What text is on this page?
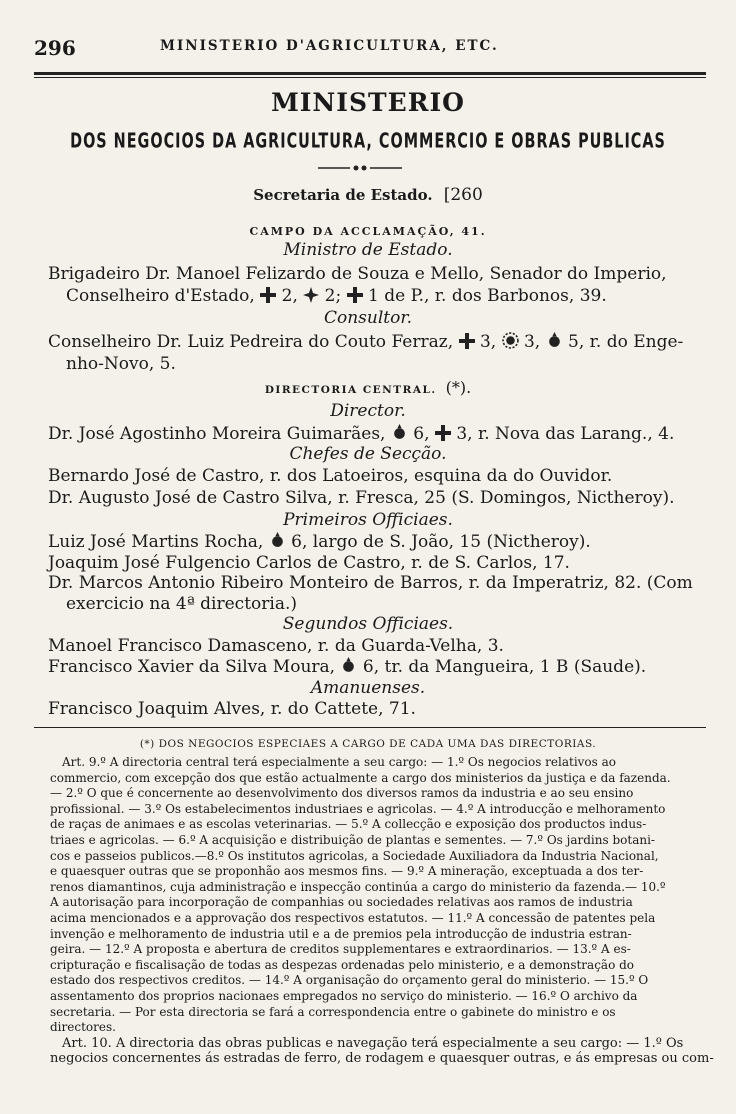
296	MINISTERIO D'AGRICULTURA, ETC.
MINISTERIO
DOS NEGOCIOS DA AGRICULTURA, COMMERCIO E OBRAS PUBLICAS
Secretaria de Estado. [260
CAMPO DA ACCLAMAÇÃO, 41.
Ministro de Estado.
Brigadeiro Dr. Manoel Felizardo de Souza e Mello, Senador do Imperio,
Conselheiro d'Estado, 2, 2; 1 de P., r. dos Barbonos, 39.
Consultor.
Conselheiro Dr. Luiz Pedreira do Couto Ferraz, 3, 3, 5, r. do Enge-
nho-Novo, 5.
DIRECTORIA CENTRAL. (*).
Director.
Dr. José Agostinho Moreira Guimarães, 6, 3, r. Nova das Larang., 4.
Chefes de Secção.
Bernardo José de Castro, r. dos Latoeiros, esquina da do Ouvidor.
Dr. Augusto José de Castro Silva, r. Fresca, 25 (S. Domingos, Nictheroy).
Primeiros Officiaes.
Luiz José Martins Rocha, 6, largo de S. João, 15 (Nictheroy).
Joaquim José Fulgencio Carlos de Castro, r. de S. Carlos, 17.
Dr. Marcos Antonio Ribeiro Monteiro de Barros, r. da Imperatriz, 82. (Com
exercicio na 4ª directoria.)
Segundos Officiaes.
Manoel Francisco Damasceno, r. da Guarda-Velha, 3.
Francisco Xavier da Silva Moura, 6, tr. da Mangueira, 1 B (Saude).
Amanuenses.
Francisco Joaquim Alves, r. do Cattete, 71.
(*) DOS NEGOCIOS ESPECIAES A CARGO DE CADA UMA DAS DIRECTORIAS.
Art. 9.º A directoria central terá especialmente a seu cargo: — 1.º Os negocios relativos ao
commercio, com excepção dos que estão actualmente a cargo dos ministerios da justiça e da fazenda.
— 2.º O que é concernente ao desenvolvimento dos diversos ramos da industria e ao seu ensino
profissional. — 3.º Os estabelecimentos industriaes e agricolas. — 4.º A introducção e melhoramento
de raças de animaes e as escolas veterinarias. — 5.º A collecção e exposição dos productos indus-
triaes e agricolas. — 6.º A acquisição e distribuição de plantas e sementes. — 7.º Os jardins botani-
cos e passeios publicos.—8.º Os institutos agricolas, a Sociedade Auxiliadora da Industria Nacional,
e quaesquer outras que se proponhão aos mesmos fins. — 9.º A mineração, exceptuada a dos ter-
renos diamantinos, cuja administração e inspecção continúa a cargo do ministerio da fazenda.— 10.º
A autorisação para incorporação de companhias ou sociedades relativas aos ramos de industria
acima mencionados e a approvação dos respectivos estatutos. — 11.º A concessão de patentes pela
invenção e melhoramento de industria util e a de premios pela introducção de industria estran-
geira. — 12.º A proposta e abertura de creditos supplementares e extraordinarios. — 13.º A es-
cripturação e fiscalisação de todas as despezas ordenadas pelo ministerio, e a demonstração do
estado dos respectivos creditos. — 14.º A organisação do orçamento geral do ministerio. — 15.º O
assentamento dos proprios nacionaes empregados no serviço do ministerio. — 16.º O archivo da
secretaria. — Por esta directoria se fará a correspondencia entre o gabinete do ministro e os
directores.
Art. 10. A directoria das obras publicas e navegação terá especialmente a seu cargo: — 1.º Os
negocios concernentes ás estradas de ferro, de rodagem e quaesquer outras, e ás empresas ou com-
